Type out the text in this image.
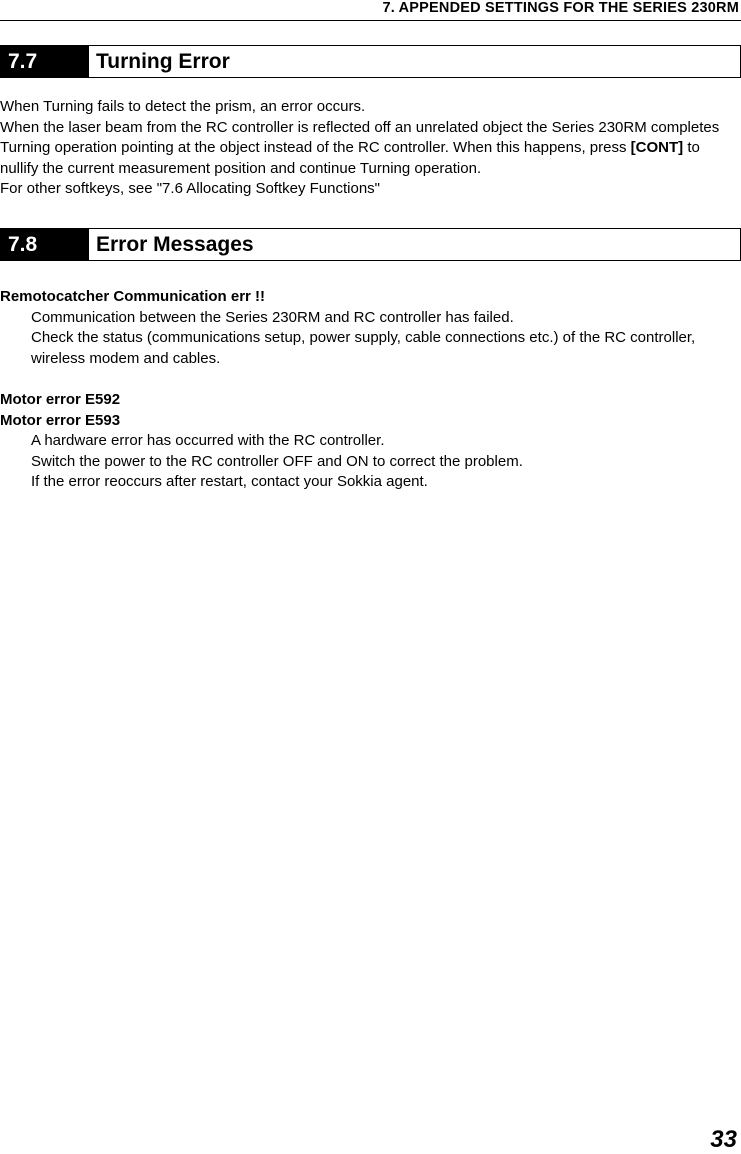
7. APPENDED SETTINGS FOR THE SERIES 230RM
7.7	Turning Error

When Turning fails to detect the prism, an error occurs.

When the laser beam from the RC controller is reflected off an unrelated object the Series 230RM completes Turning operation pointing at the object instead of the RC controller. When this happens, press [CONT] to nullify the current measurement position and continue Turning operation.

For other softkeys, see "7.6 Allocating Softkey Functions"

7.8	Error Messages

Remotocatcher Communication err !!

Communication between the Series 230RM and RC controller has failed.

Check the status (communications setup, power supply, cable connections etc.) of the RC controller, wireless modem and cables.

Motor error E592

Motor error E593

A hardware error has occurred with the RC controller.

Switch the power to the RC controller OFF and ON to correct the problem.

If the error reoccurs after restart, contact your Sokkia agent.

33
